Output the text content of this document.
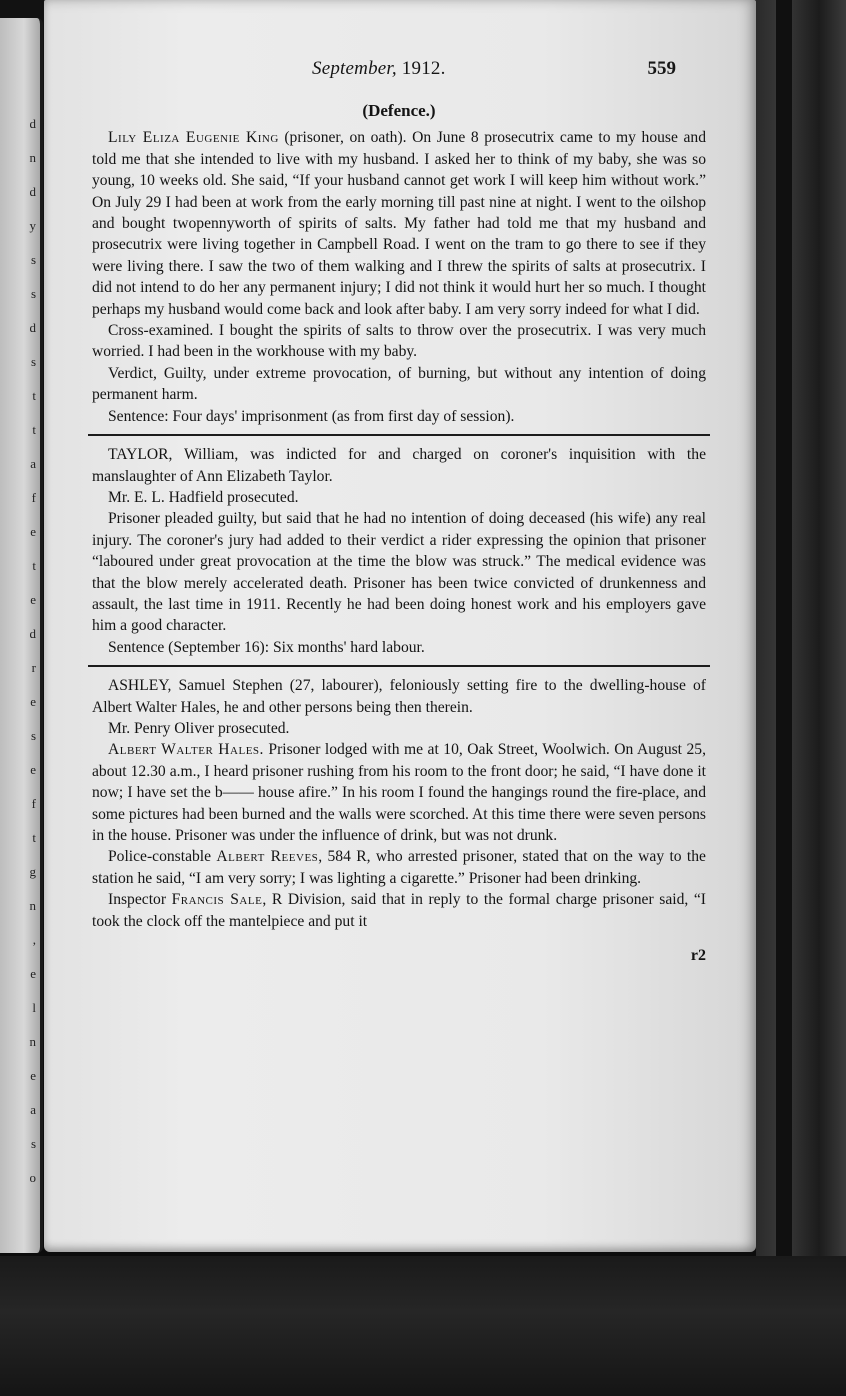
d
n
d
y
s
s
d
s
t
t
a
f
e
t
e
d
r
e
s
e
f
t
g
n
,
e
l
n
e
a
s
o
September, 1912.	559

(Defence.)

Lily Eliza Eugenie King (prisoner, on oath). On June 8 prosecutrix came to my house and told me that she intended to live with my husband. I asked her to think of my baby, she was so young, 10 weeks old. She said, “If your husband cannot get work I will keep him without work.” On July 29 I had been at work from the early morning till past nine at night. I went to the oilshop and bought twopennyworth of spirits of salts. My father had told me that my husband and prosecutrix were living together in Campbell Road. I went on the tram to go there to see if they were living there. I saw the two of them walking and I threw the spirits of salts at prosecutrix. I did not intend to do her any permanent injury; I did not think it would hurt her so much. I thought perhaps my husband would come back and look after baby. I am very sorry indeed for what I did.

Cross-examined. I bought the spirits of salts to throw over the prosecutrix. I was very much worried. I had been in the workhouse with my baby.

Verdict, Guilty, under extreme provocation, of burning, but without any intention of doing permanent harm.

Sentence: Four days' imprisonment (as from first day of session).

TAYLOR, William, was indicted for and charged on coroner's inquisition with the manslaughter of Ann Elizabeth Taylor.

Mr. E. L. Hadfield prosecuted.

Prisoner pleaded guilty, but said that he had no intention of doing deceased (his wife) any real injury. The coroner's jury had added to their verdict a rider expressing the opinion that prisoner “laboured under great provocation at the time the blow was struck.” The medical evidence was that the blow merely accelerated death. Prisoner has been twice convicted of drunkenness and assault, the last time in 1911. Recently he had been doing honest work and his employers gave him a good character.

Sentence (September 16): Six months' hard labour.

ASHLEY, Samuel Stephen (27, labourer), feloniously setting fire to the dwelling-house of Albert Walter Hales, he and other persons being then therein.

Mr. Penry Oliver prosecuted.

Albert Walter Hales. Prisoner lodged with me at 10, Oak Street, Woolwich. On August 25, about 12.30 a.m., I heard prisoner rushing from his room to the front door; he said, “I have done it now; I have set the b—— house afire.” In his room I found the hangings round the fire-place, and some pictures had been burned and the walls were scorched. At this time there were seven persons in the house. Prisoner was under the influence of drink, but was not drunk.

Police-constable Albert Reeves, 584 R, who arrested prisoner, stated that on the way to the station he said, “I am very sorry; I was lighting a cigarette.” Prisoner had been drinking.

Inspector Francis Sale, R Division, said that in reply to the formal charge prisoner said, “I took the clock off the mantelpiece and put it

r2
